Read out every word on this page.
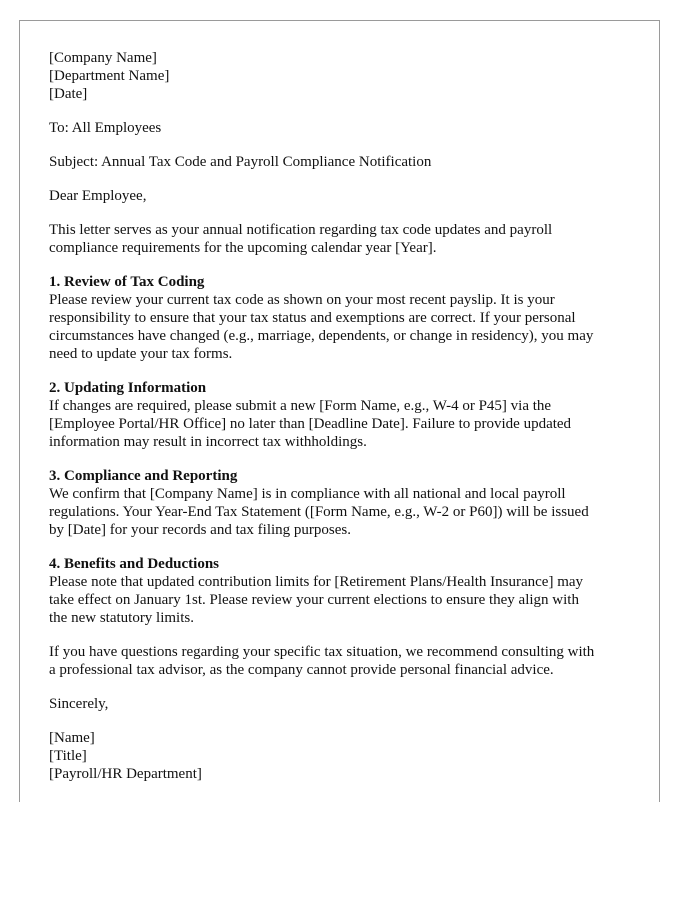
[Company Name]
[Department Name]
[Date]
To: All Employees
Subject: Annual Tax Code and Payroll Compliance Notification
Dear Employee,
This letter serves as your annual notification regarding tax code updates and payroll
compliance requirements for the upcoming calendar year [Year].
1. Review of Tax Coding
Please review your current tax code as shown on your most recent payslip. It is your
responsibility to ensure that your tax status and exemptions are correct. If your personal
circumstances have changed (e.g., marriage, dependents, or change in residency), you may
need to update your tax forms.
2. Updating Information
If changes are required, please submit a new [Form Name, e.g., W-4 or P45] via the
[Employee Portal/HR Office] no later than [Deadline Date]. Failure to provide updated
information may result in incorrect tax withholdings.
3. Compliance and Reporting
We confirm that [Company Name] is in compliance with all national and local payroll
regulations. Your Year-End Tax Statement ([Form Name, e.g., W-2 or P60]) will be issued
by [Date] for your records and tax filing purposes.
4. Benefits and Deductions
Please note that updated contribution limits for [Retirement Plans/Health Insurance] may
take effect on January 1st. Please review your current elections to ensure they align with
the new statutory limits.
If you have questions regarding your specific tax situation, we recommend consulting with
a professional tax advisor, as the company cannot provide personal financial advice.
Sincerely,
[Name]
[Title]
[Payroll/HR Department]
